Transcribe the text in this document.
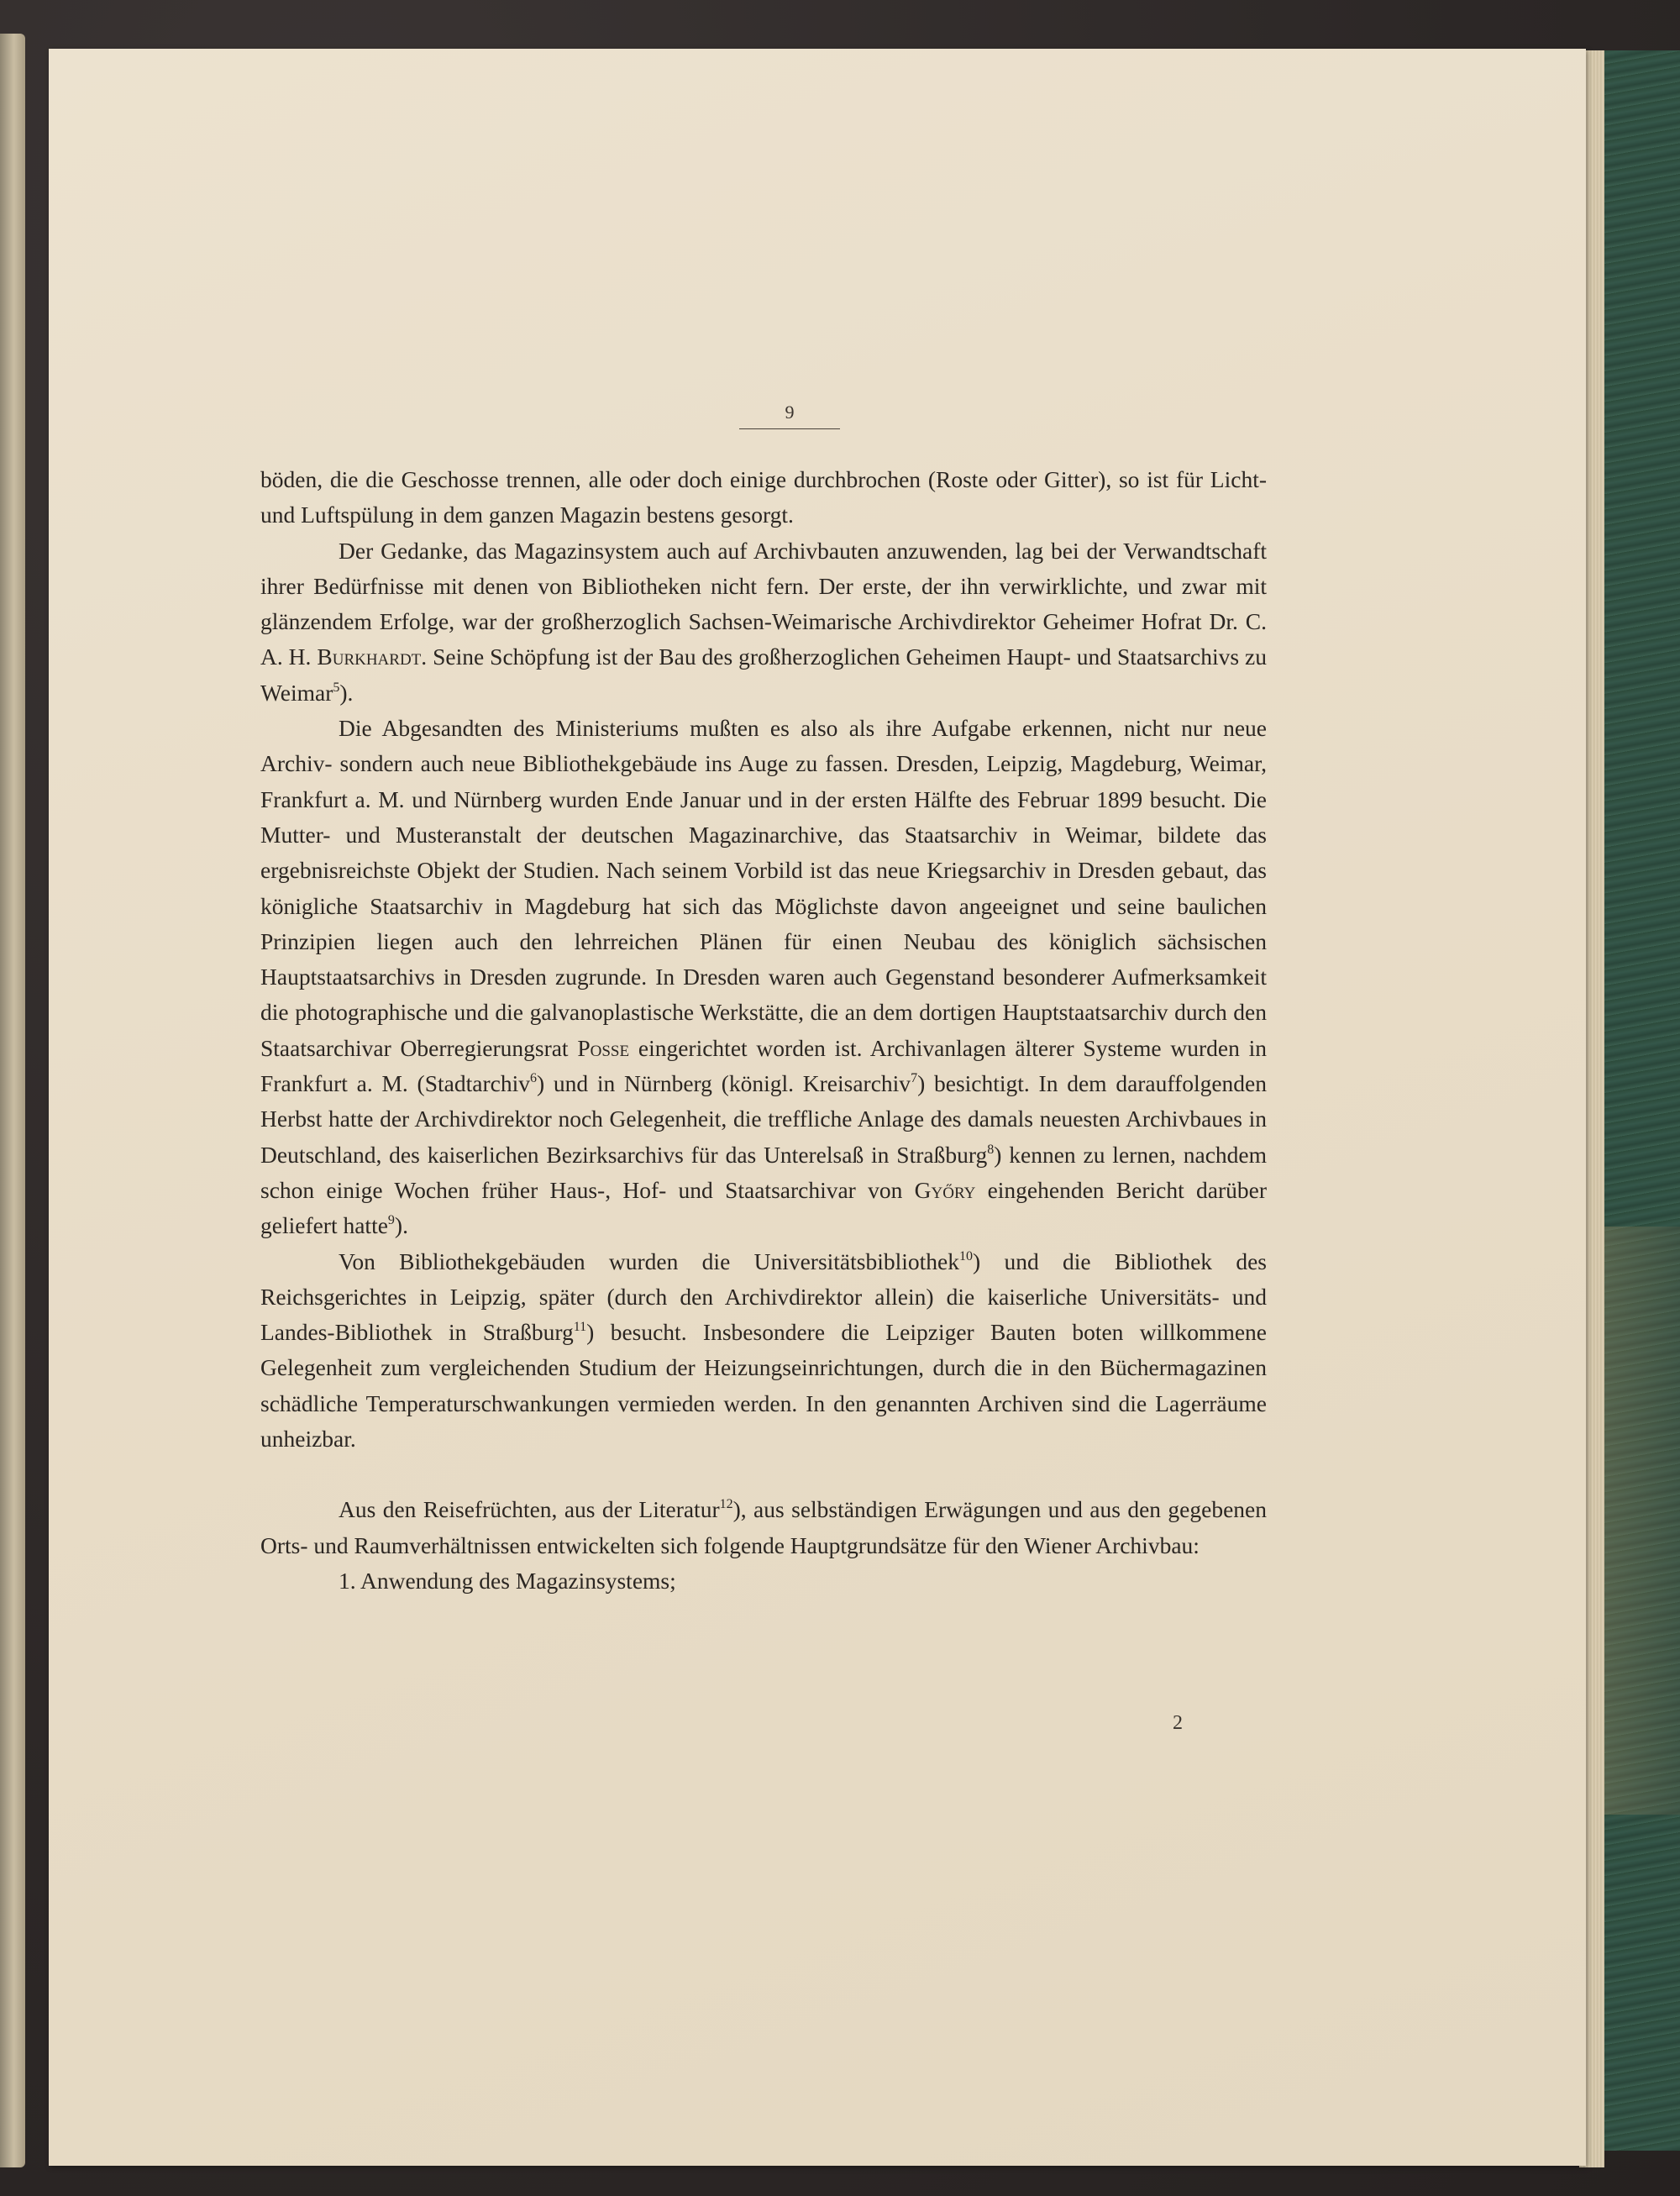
9

böden, die die Geschosse trennen, alle oder doch einige durchbrochen (Roste oder Gitter), so ist für Licht- und Luftspülung in dem ganzen Magazin bestens gesorgt.

Der Gedanke, das Magazinsystem auch auf Archivbauten anzuwenden, lag bei der Verwandtschaft ihrer Bedürfnisse mit denen von Bibliotheken nicht fern. Der erste, der ihn verwirklichte, und zwar mit glänzendem Erfolge, war der großherzoglich Sachsen-Weimarische Archivdirektor Geheimer Hofrat Dr. C. A. H. Burkhardt. Seine Schöpfung ist der Bau des großherzoglichen Geheimen Haupt- und Staatsarchivs zu Weimar$^5$).

Die Abgesandten des Ministeriums mußten es also als ihre Aufgabe erkennen, nicht nur neue Archiv- sondern auch neue Bibliothekgebäude ins Auge zu fassen. Dresden, Leipzig, Magdeburg, Weimar, Frankfurt a. M. und Nürnberg wurden Ende Januar und in der ersten Hälfte des Februar 1899 besucht. Die Mutter- und Musteranstalt der deutschen Magazinarchive, das Staatsarchiv in Weimar, bildete das ergebnisreichste Objekt der Studien. Nach seinem Vorbild ist das neue Kriegsarchiv in Dresden gebaut, das königliche Staatsarchiv in Magdeburg hat sich das Möglichste davon angeeignet und seine baulichen Prinzipien liegen auch den lehrreichen Plänen für einen Neubau des königlich sächsischen Hauptstaatsarchivs in Dresden zugrunde. In Dresden waren auch Gegenstand besonderer Aufmerksamkeit die photographische und die galvanoplastische Werkstätte, die an dem dortigen Hauptstaatsarchiv durch den Staatsarchivar Oberregierungsrat Posse eingerichtet worden ist. Archivanlagen älterer Systeme wurden in Frankfurt a. M. (Stadtarchiv$^6$) und in Nürnberg (königl. Kreisarchiv$^7$) besichtigt. In dem darauffolgenden Herbst hatte der Archivdirektor noch Gelegenheit, die treffliche Anlage des damals neuesten Archivbaues in Deutschland, des kaiserlichen Bezirksarchivs für das Unterelsaß in Straßburg$^8$) kennen zu lernen, nachdem schon einige Wochen früher Haus-, Hof- und Staatsarchivar von Győry eingehenden Bericht darüber geliefert hatte$^9$).

Von Bibliothekgebäuden wurden die Universitätsbibliothek$^{10}$) und die Bibliothek des Reichsgerichtes in Leipzig, später (durch den Archivdirektor allein) die kaiserliche Universitäts- und Landes-Bibliothek in Straßburg$^{11}$) besucht. Insbesondere die Leipziger Bauten boten willkommene Gelegenheit zum vergleichenden Studium der Heizungseinrichtungen, durch die in den Büchermagazinen schädliche Temperaturschwankungen vermieden werden. In den genannten Archiven sind die Lagerräume unheizbar.

Aus den Reisefrüchten, aus der Literatur$^{12}$), aus selbständigen Erwägungen und aus den gegebenen Orts- und Raumverhältnissen entwickelten sich folgende Hauptgrundsätze für den Wiener Archivbau:

1. Anwendung des Magazinsystems;

2
